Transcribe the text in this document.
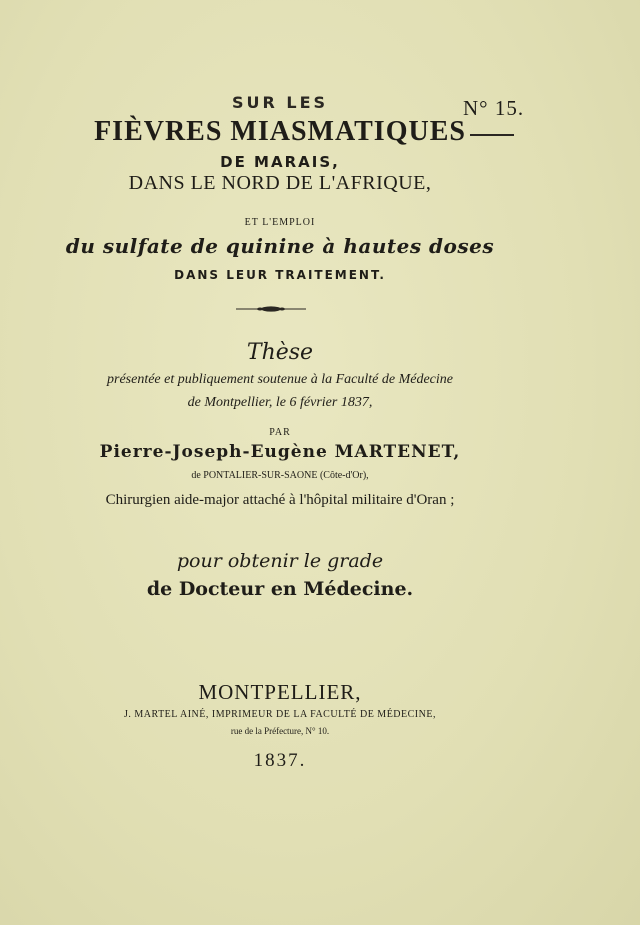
N° 15.
SUR LES
FIÈVRES MIASMATIQUES
DE MARAIS,
DANS LE NORD DE L'AFRIQUE,
ET L'EMPLOI
du sulfate de quinine à hautes doses
DANS LEUR TRAITEMENT.
Thèse
présentée et publiquement soutenue à la Faculté de Médecine
de Montpellier, le 6 février 1837,
PAR
Pierre-Joseph-Eugène MARTENET,
de PONTALIER-SUR-SAONE (Côte-d'Or),
Chirurgien aide-major attaché à l'hôpital militaire d'Oran ;
pour obtenir le grade
de Docteur en Médecine.
MONTPELLIER,
J. MARTEL AINÉ, IMPRIMEUR DE LA FACULTÉ DE MÉDECINE,
rue de la Préfecture, N° 10.
1837.
